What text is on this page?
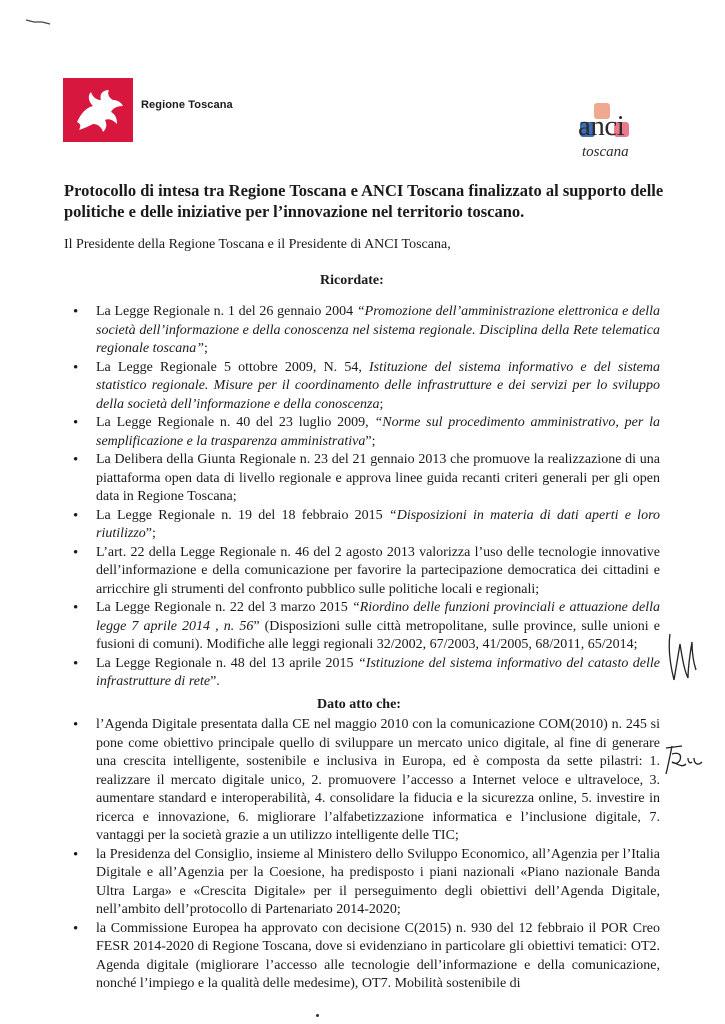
Regione Toscana
anci
toscana
Protocollo di intesa tra Regione Toscana e ANCI Toscana finalizzato al supporto delle politiche e delle iniziative per l’innovazione nel territorio toscano.
Il Presidente della Regione Toscana e il Presidente di ANCI Toscana,
Ricordate:
• La Legge Regionale n. 1 del 26 gennaio 2004 “Promozione dell’amministrazione elettronica e della società dell’informazione e della conoscenza nel sistema regionale. Disciplina della Rete telematica regionale toscana”;
• La Legge Regionale 5 ottobre 2009, N. 54, Istituzione del sistema informativo e del sistema statistico regionale. Misure per il coordinamento delle infrastrutture e dei servizi per lo sviluppo della società dell’informazione e della conoscenza;
• La Legge Regionale n. 40 del 23 luglio 2009, “Norme sul procedimento amministrativo, per la semplificazione e la trasparenza amministrativa”;
• La Delibera della Giunta Regionale n. 23 del 21 gennaio 2013 che promuove la realizzazione di una piattaforma open data di livello regionale e approva linee guida recanti criteri generali per gli open data in Regione Toscana;
• La Legge Regionale n. 19 del 18 febbraio 2015 “Disposizioni in materia di dati aperti e loro riutilizzo”;
• L’art. 22 della Legge Regionale n. 46 del 2 agosto 2013 valorizza l’uso delle tecnologie innovative dell’informazione e della comunicazione per favorire la partecipazione democratica dei cittadini e arricchire gli strumenti del confronto pubblico sulle politiche locali e regionali;
• La Legge Regionale n. 22 del 3 marzo 2015 “Riordino delle funzioni provinciali e attuazione della legge 7 aprile 2014 , n. 56” (Disposizioni sulle città metropolitane, sulle province, sulle unioni e fusioni di comuni). Modifiche alle leggi regionali 32/2002, 67/2003, 41/2005, 68/2011, 65/2014;
• La Legge Regionale n. 48 del 13 aprile 2015 “Istituzione del sistema informativo del catasto delle infrastrutture di rete”.
Dato atto che:
• l’Agenda Digitale presentata dalla CE nel maggio 2010 con la comunicazione COM(2010) n. 245 si pone come obiettivo principale quello di sviluppare un mercato unico digitale, al fine di generare una crescita intelligente, sostenibile e inclusiva in Europa, ed è composta da sette pilastri: 1. realizzare il mercato digitale unico, 2. promuovere l’accesso a Internet veloce e ultraveloce, 3. aumentare standard e interoperabilità, 4. consolidare la fiducia e la sicurezza online, 5. investire in ricerca e innovazione, 6. migliorare l’alfabetizzazione informatica e l’inclusione digitale, 7. vantaggi per la società grazie a un utilizzo intelligente delle TIC;
• la Presidenza del Consiglio, insieme al Ministero dello Sviluppo Economico, all’Agenzia per l’Italia Digitale e all’Agenzia per la Coesione, ha predisposto i piani nazionali «Piano nazionale Banda Ultra Larga» e «Crescita Digitale» per il perseguimento degli obiettivi dell’Agenda Digitale, nell’ambito dell’protocollo di Partenariato 2014-2020;
• la Commissione Europea ha approvato con decisione C(2015) n. 930 del 12 febbraio il POR Creo FESR 2014-2020 di Regione Toscana, dove si evidenziano in particolare gli obiettivi tematici: OT2. Agenda digitale (migliorare l’accesso alle tecnologie dell’informazione e della comunicazione, nonché l’impiego e la qualità delle medesime), OT7. Mobilità sostenibile di
